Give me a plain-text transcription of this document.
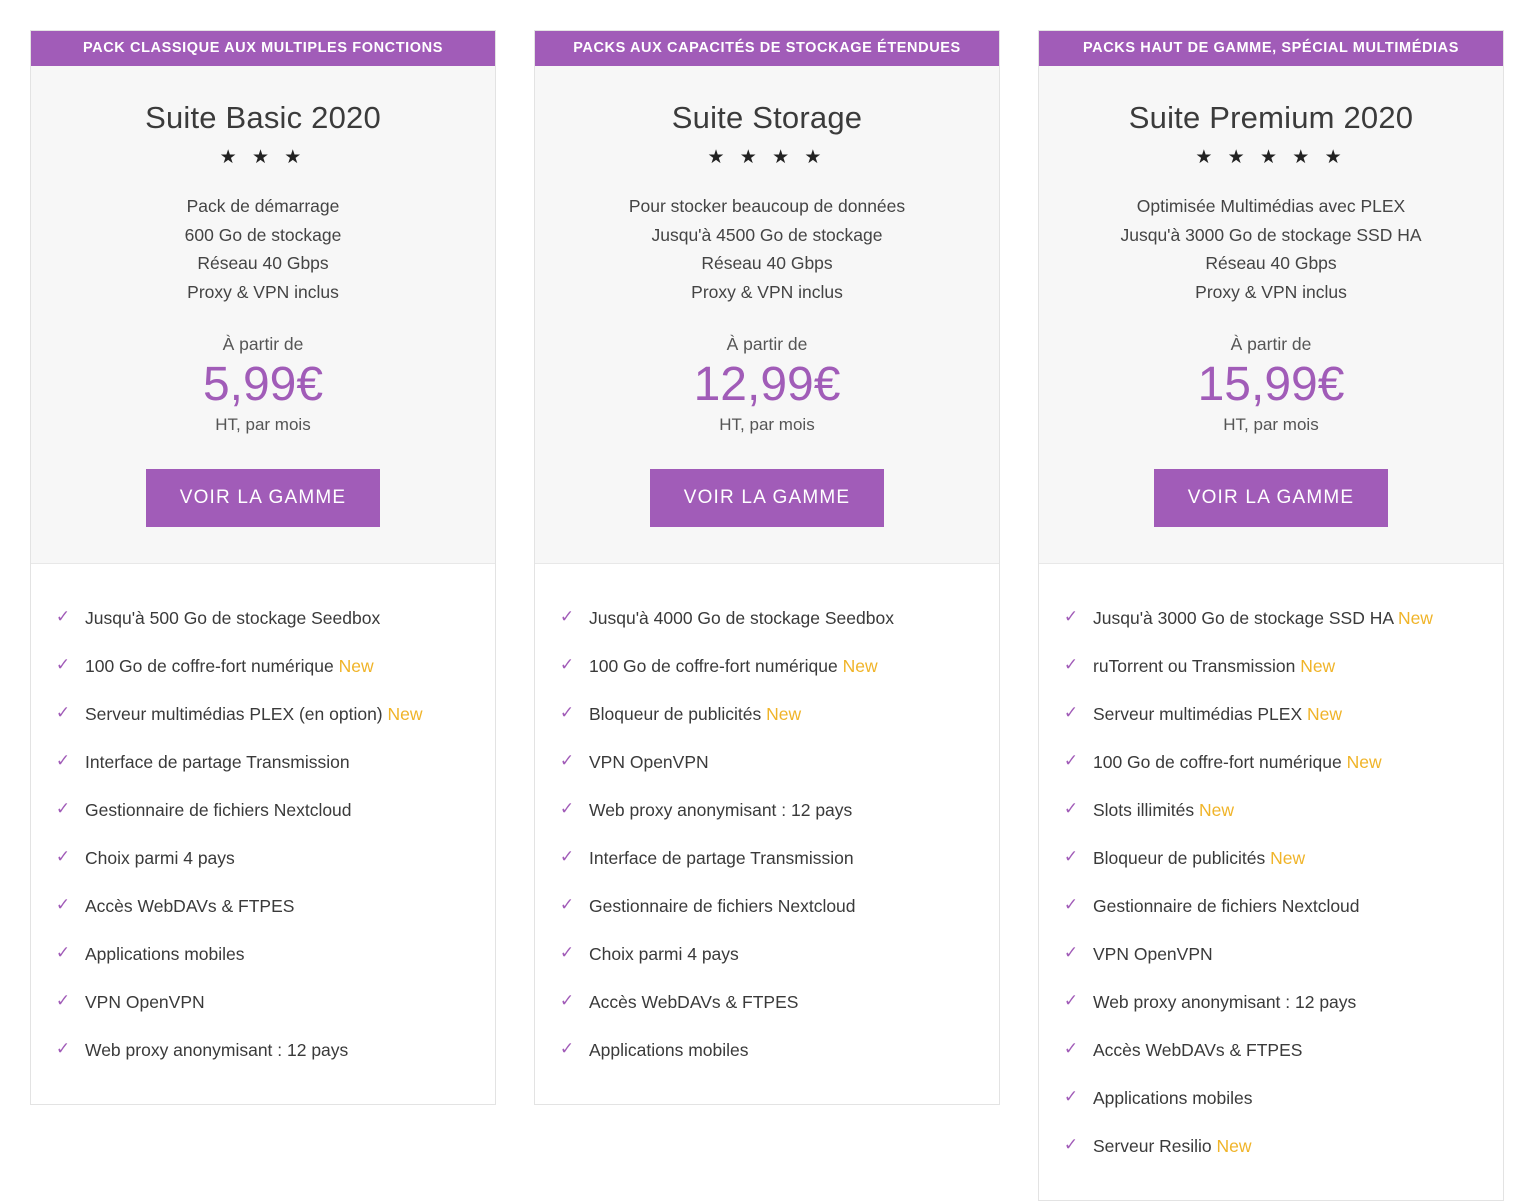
PACK CLASSIQUE AUX MULTIPLES FONCTIONS
Suite Basic 2020
★ ★ ★
Pack de démarrage
600 Go de stockage
Réseau 40 Gbps
Proxy & VPN inclus
À partir de
5,99€
HT, par mois
VOIR LA GAMME
✓ Jusqu'à 500 Go de stockage Seedbox
✓ 100 Go de coffre-fort numérique New
✓ Serveur multimédias PLEX (en option) New
✓ Interface de partage Transmission
✓ Gestionnaire de fichiers Nextcloud
✓ Choix parmi 4 pays
✓ Accès WebDAVs & FTPES
✓ Applications mobiles
✓ VPN OpenVPN
✓ Web proxy anonymisant : 12 pays
PACKS AUX CAPACITÉS DE STOCKAGE ÉTENDUES
Suite Storage
★ ★ ★ ★
Pour stocker beaucoup de données
Jusqu'à 4500 Go de stockage
Réseau 40 Gbps
Proxy & VPN inclus
À partir de
12,99€
HT, par mois
VOIR LA GAMME
✓ Jusqu'à 4000 Go de stockage Seedbox
✓ 100 Go de coffre-fort numérique New
✓ Bloqueur de publicités New
✓ VPN OpenVPN
✓ Web proxy anonymisant : 12 pays
✓ Interface de partage Transmission
✓ Gestionnaire de fichiers Nextcloud
✓ Choix parmi 4 pays
✓ Accès WebDAVs & FTPES
✓ Applications mobiles
PACKS HAUT DE GAMME, SPÉCIAL MULTIMÉDIAS
Suite Premium 2020
★ ★ ★ ★ ★
Optimisée Multimédias avec PLEX
Jusqu'à 3000 Go de stockage SSD HA
Réseau 40 Gbps
Proxy & VPN inclus
À partir de
15,99€
HT, par mois
VOIR LA GAMME
✓ Jusqu'à 3000 Go de stockage SSD HA New
✓ ruTorrent ou Transmission New
✓ Serveur multimédias PLEX New
✓ 100 Go de coffre-fort numérique New
✓ Slots illimités New
✓ Bloqueur de publicités New
✓ Gestionnaire de fichiers Nextcloud
✓ VPN OpenVPN
✓ Web proxy anonymisant : 12 pays
✓ Accès WebDAVs & FTPES
✓ Applications mobiles
✓ Serveur Resilio New
